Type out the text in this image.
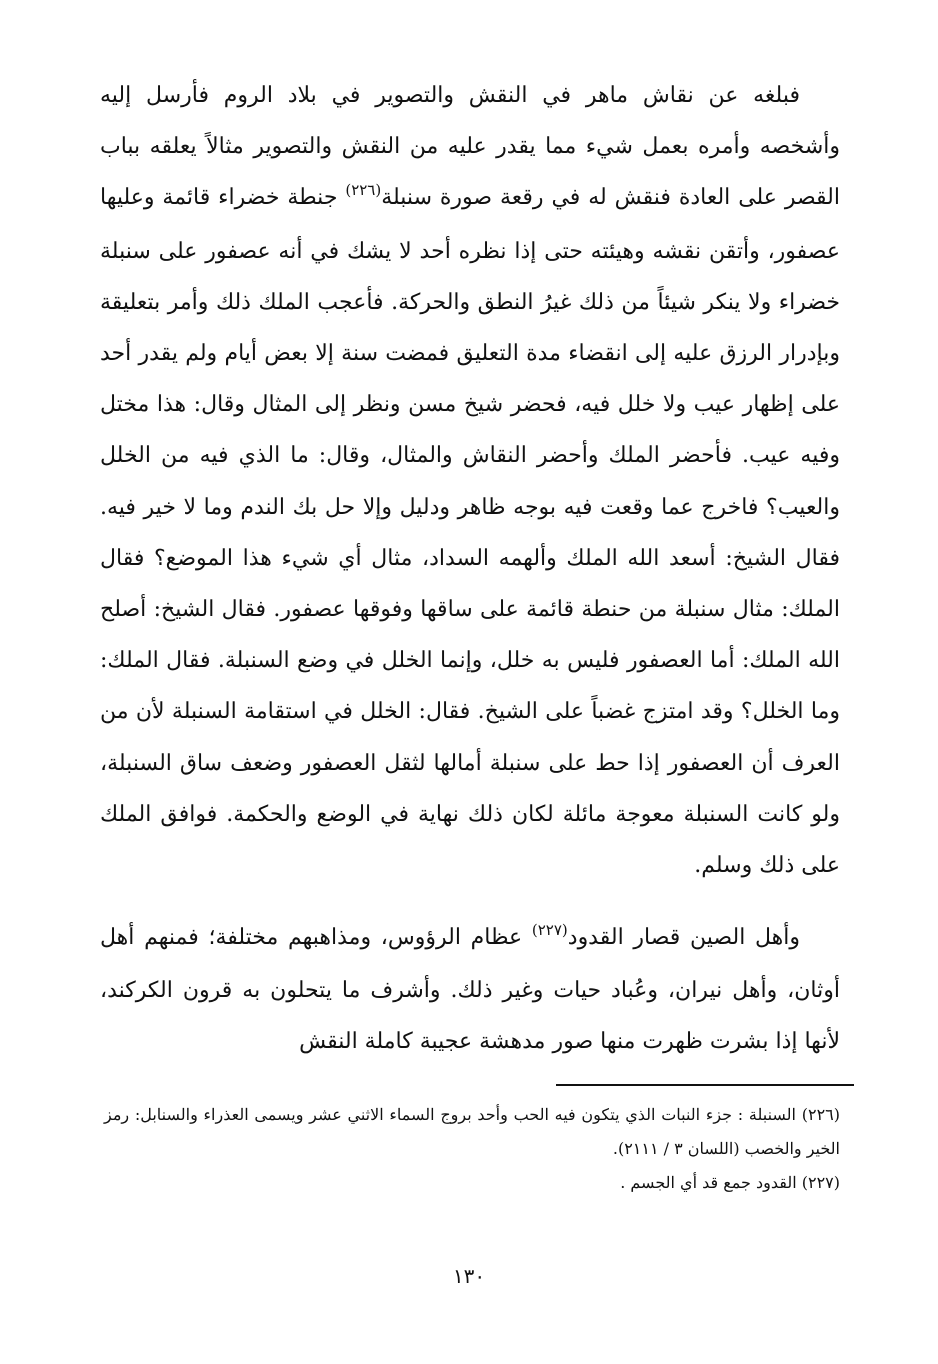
فبلغه عن نقاش ماهر في النقش والتصوير في بلاد الروم فأرسل إليه وأشخصه وأمره بعمل شيء مما يقدر عليه من النقش والتصوير مثالاً يعلقه بباب القصر على العادة فنقش له في رقعة صورة سنبلة$^{(٢٢٦)}$ جنطة خضراء قائمة وعليها عصفور، وأتقن نقشه وهيئته حتى إذا نظره أحد لا يشك في أنه عصفور على سنبلة خضراء ولا ينكر شيئاً من ذلك غيرُ النطق والحركة. فأعجب الملك ذلك وأمر بتعليقة وبإدرار الرزق عليه إلى انقضاء مدة التعليق فمضت سنة إلا بعض أيام ولم يقدر أحد على إظهار عيب ولا خلل فيه، فحضر شيخ مسن ونظر إلى المثال وقال: هذا مختل وفيه عيب. فأحضر الملك وأحضر النقاش والمثال، وقال: ما الذي فيه من الخلل والعيب؟ فاخرج عما وقعت فيه بوجه ظاهر ودليل وإلا حل بك الندم وما لا خير فيه. فقال الشيخ: أسعد الله الملك وألهمه السداد، مثال أي شيء هذا الموضع؟ فقال الملك: مثال سنبلة من حنطة قائمة على ساقها وفوقها عصفور. فقال الشيخ: أصلح الله الملك: أما العصفور فليس به خلل، وإنما الخلل في وضع السنبلة. فقال الملك: وما الخلل؟ وقد امتزج غضباً على الشيخ. فقال: الخلل في استقامة السنبلة لأن من العرف أن العصفور إذا حط على سنبلة أمالها لثقل العصفور وضعف ساق السنبلة، ولو كانت السنبلة معوجة مائلة لكان ذلك نهاية في الوضع والحكمة. فوافق الملك على ذلك وسلم.

وأهل الصين قصار القدود$^{(٢٢٧)}$ عظام الرؤوس، ومذاهبهم مختلفة؛ فمنهم أهل أوثان، وأهل نيران، وعُباد حيات وغير ذلك. وأشرف ما يتحلون به قرون الكركند، لأنها إذا بشرت ظهرت منها صور مدهشة عجيبة كاملة النقش

(٢٢٦) السنبلة : جزء النبات الذي يتكون فيه الحب وأحد بروج السماء الاثني عشر ويسمى العذراء والسنابل: رمز الخير والخصب (اللسان ٣ / ٢١١١).

(٢٢٧) القدود جمع قد أي الجسم .

١٣٠
